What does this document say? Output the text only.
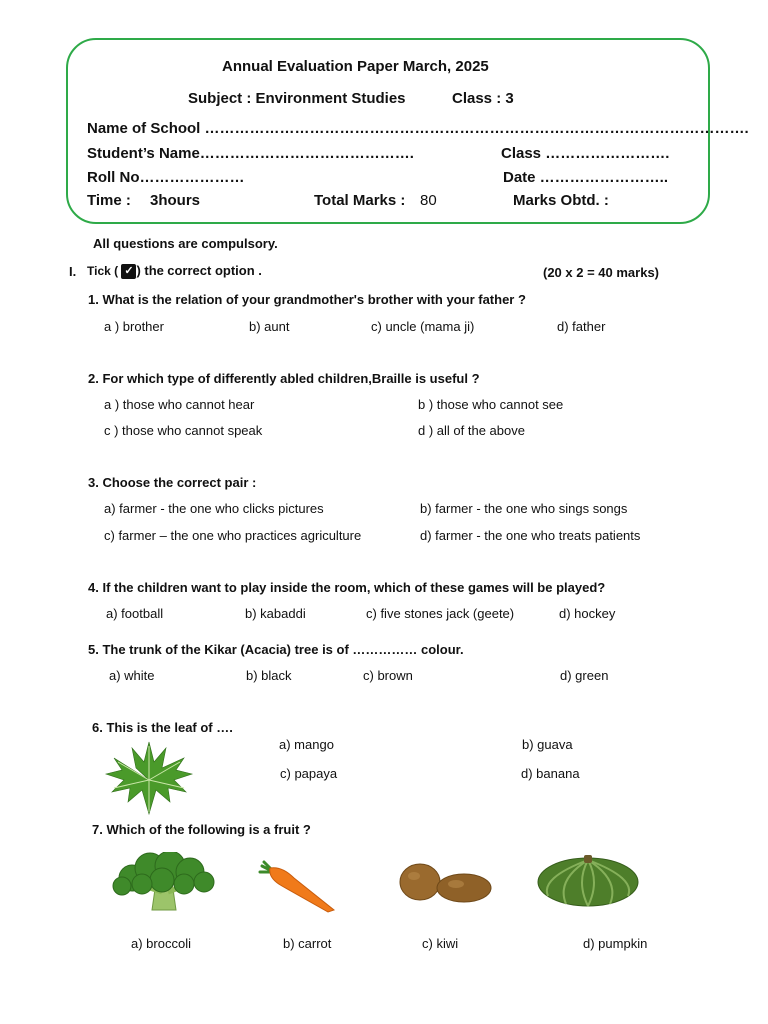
Annual Evaluation Paper March, 2025
Subject : Environment Studies	Class : 3
Name of School ……………………………………………………………………………………………….
Student’s Name…………………………………….	Class …………………….
Roll No…………………	Date ……………………..
Time : 3hours	Total Marks : 80	Marks Obtd. :
All questions are compulsory.
I. Tick ( ✓ ) the correct option .	(20 x 2 = 40 marks)
1. What is the relation of your grandmother's brother with your father ?
a ) brother	b) aunt	c) uncle (mama ji)	d) father
2. For which type of differently abled children,Braille is useful ?
a ) those who cannot hear	b ) those who cannot see
c ) those who cannot speak	d ) all of the above
3. Choose the correct pair :
a) farmer - the one who clicks pictures	b) farmer - the one who sings songs
c) farmer – the one who practices agriculture	d) farmer - the one who treats patients
4. If the children want to play inside the room, which of these games will be played?
a) football	b) kabaddi	c) five stones jack (geete)	d) hockey
5. The trunk of the Kikar (Acacia) tree is of …………… colour.
a) white	b) black	c) brown	d) green
6. This is the leaf of ….
a) mango	b) guava
c) papaya	d) banana
7. Which of the following is a fruit ?
a) broccoli	b) carrot	c) kiwi	d) pumpkin
